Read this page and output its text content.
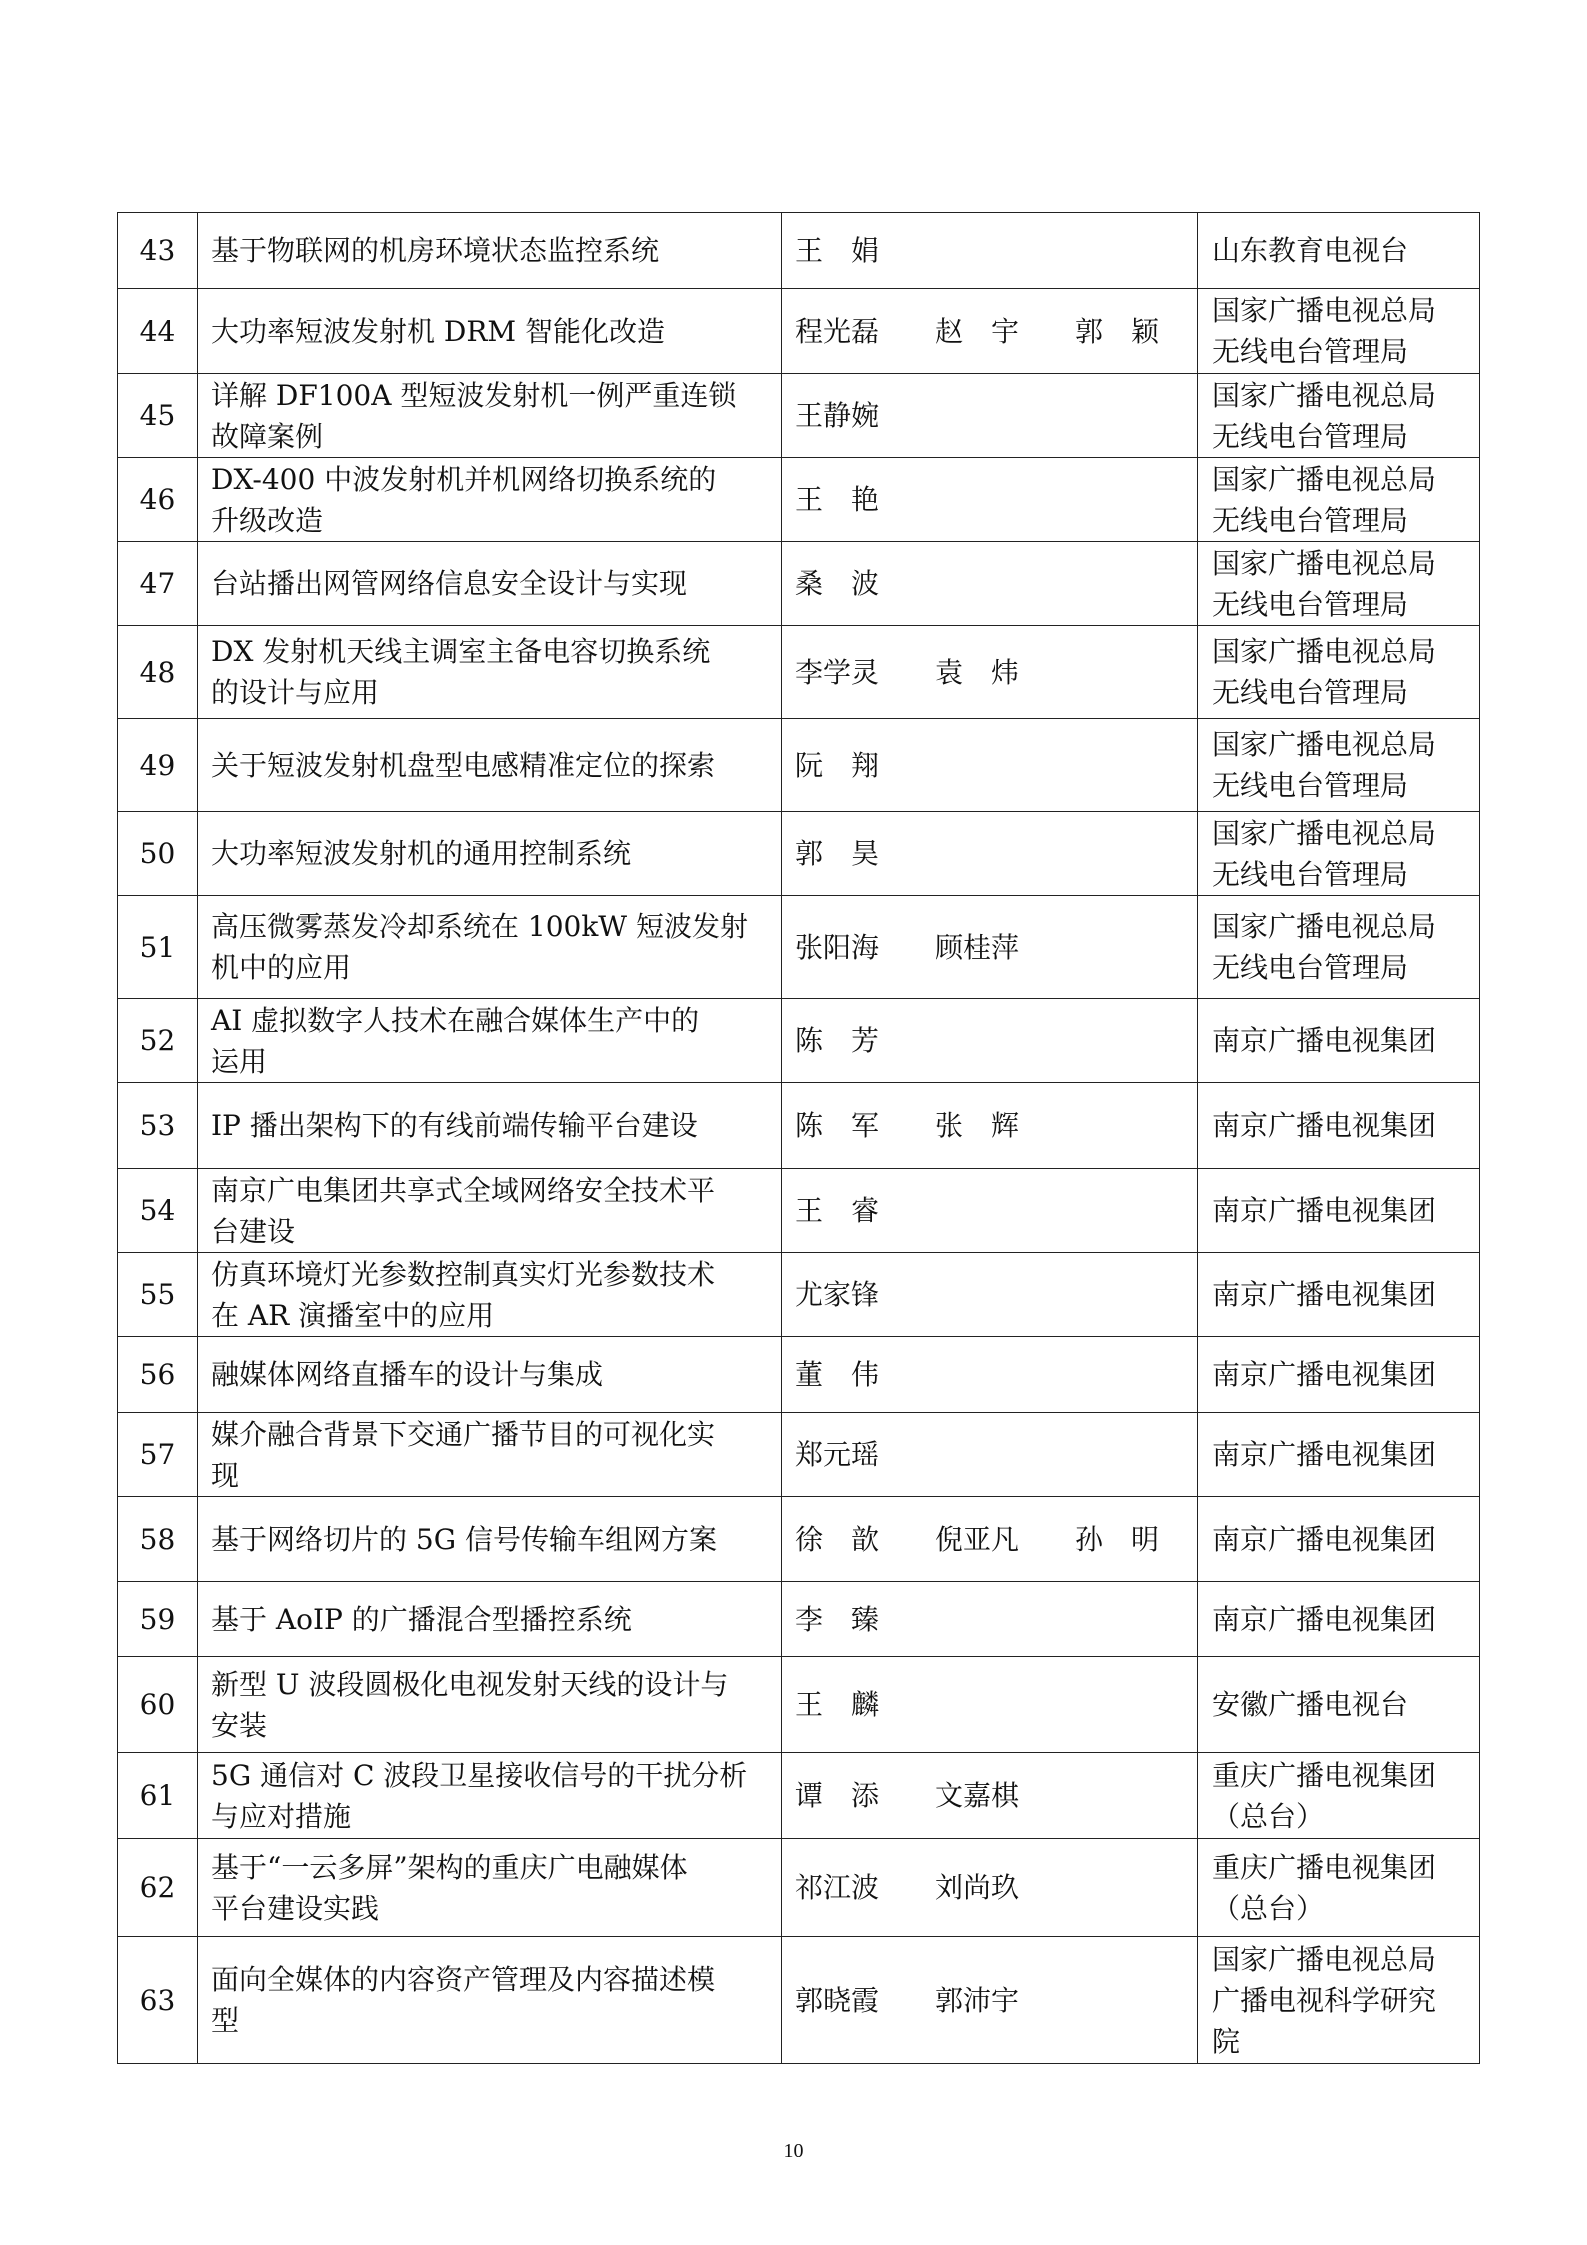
43	基于物联网的机房环境状态监控系统	王　娟	山东教育电视台

44	大功率短波发射机 DRM 智能化改造	程光磊　　赵　宇　　郭　颖	国家广播电视总局
无线电台管理局

45	详解 DF100A 型短波发射机一例严重连锁
故障案例	王静婉	国家广播电视总局
无线电台管理局

46	DX-400 中波发射机并机网络切换系统的
升级改造	王　艳	国家广播电视总局
无线电台管理局

47	台站播出网管网络信息安全设计与实现	桑　波	国家广播电视总局
无线电台管理局

48	DX 发射机天线主调室主备电容切换系统
的设计与应用	李学灵　　袁　炜	国家广播电视总局
无线电台管理局

49	关于短波发射机盘型电感精准定位的探索	阮　翔	国家广播电视总局
无线电台管理局

50	大功率短波发射机的通用控制系统	郭　昊	国家广播电视总局
无线电台管理局

51	高压微雾蒸发冷却系统在 100kW 短波发射
机中的应用	张阳海　　顾桂萍	国家广播电视总局
无线电台管理局

52	AI 虚拟数字人技术在融合媒体生产中的
运用	陈　芳	南京广播电视集团

53	IP 播出架构下的有线前端传输平台建设	陈　军　　张　辉	南京广播电视集团

54	南京广电集团共享式全域网络安全技术平
台建设	王　睿	南京广播电视集团

55	仿真环境灯光参数控制真实灯光参数技术
在 AR 演播室中的应用	尤家锋	南京广播电视集团

56	融媒体网络直播车的设计与集成	董　伟	南京广播电视集团

57	媒介融合背景下交通广播节目的可视化实
现	郑元瑶	南京广播电视集团

58	基于网络切片的 5G 信号传输车组网方案	徐　歆　　倪亚凡　　孙　明	南京广播电视集团

59	基于 AoIP 的广播混合型播控系统	李　臻	南京广播电视集团

60	新型 U 波段圆极化电视发射天线的设计与
安装	王　麟	安徽广播电视台

61	5G 通信对 C 波段卫星接收信号的干扰分析
与应对措施	谭　添　　文嘉棋	重庆广播电视集团
（总台）

62	基于“一云多屏”架构的重庆广电融媒体
平台建设实践	祁江波　　刘尚玖	重庆广播电视集团
（总台）

63	面向全媒体的内容资产管理及内容描述模
型	郭晓霞　　郭沛宇	国家广播电视总局
广播电视科学研究
院
10
